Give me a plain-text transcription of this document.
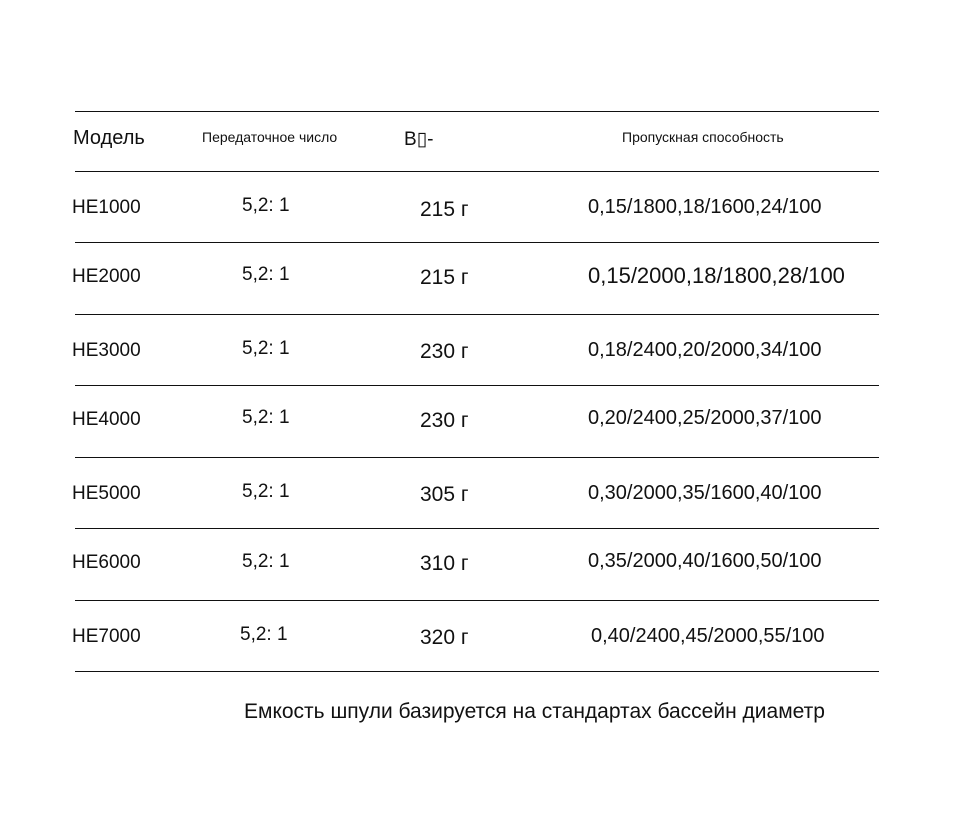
Модель	Передаточное число	В▯-	Пропускная способность
HE1000	5,2: 1	215 г	0,15/1800,18/1600,24/100
HE2000	5,2: 1	215 г	0,15/2000,18/1800,28/100
HE3000	5,2: 1	230 г	0,18/2400,20/2000,34/100
HE4000	5,2: 1	230 г	0,20/2400,25/2000,37/100
HE5000	5,2: 1	305 г	0,30/2000,35/1600,40/100
HE6000	5,2: 1	310 г	0,35/2000,40/1600,50/100
HE7000	5,2: 1	320 г	0,40/2400,45/2000,55/100
Емкость шпули базируется на стандартах бассейн диаметр
